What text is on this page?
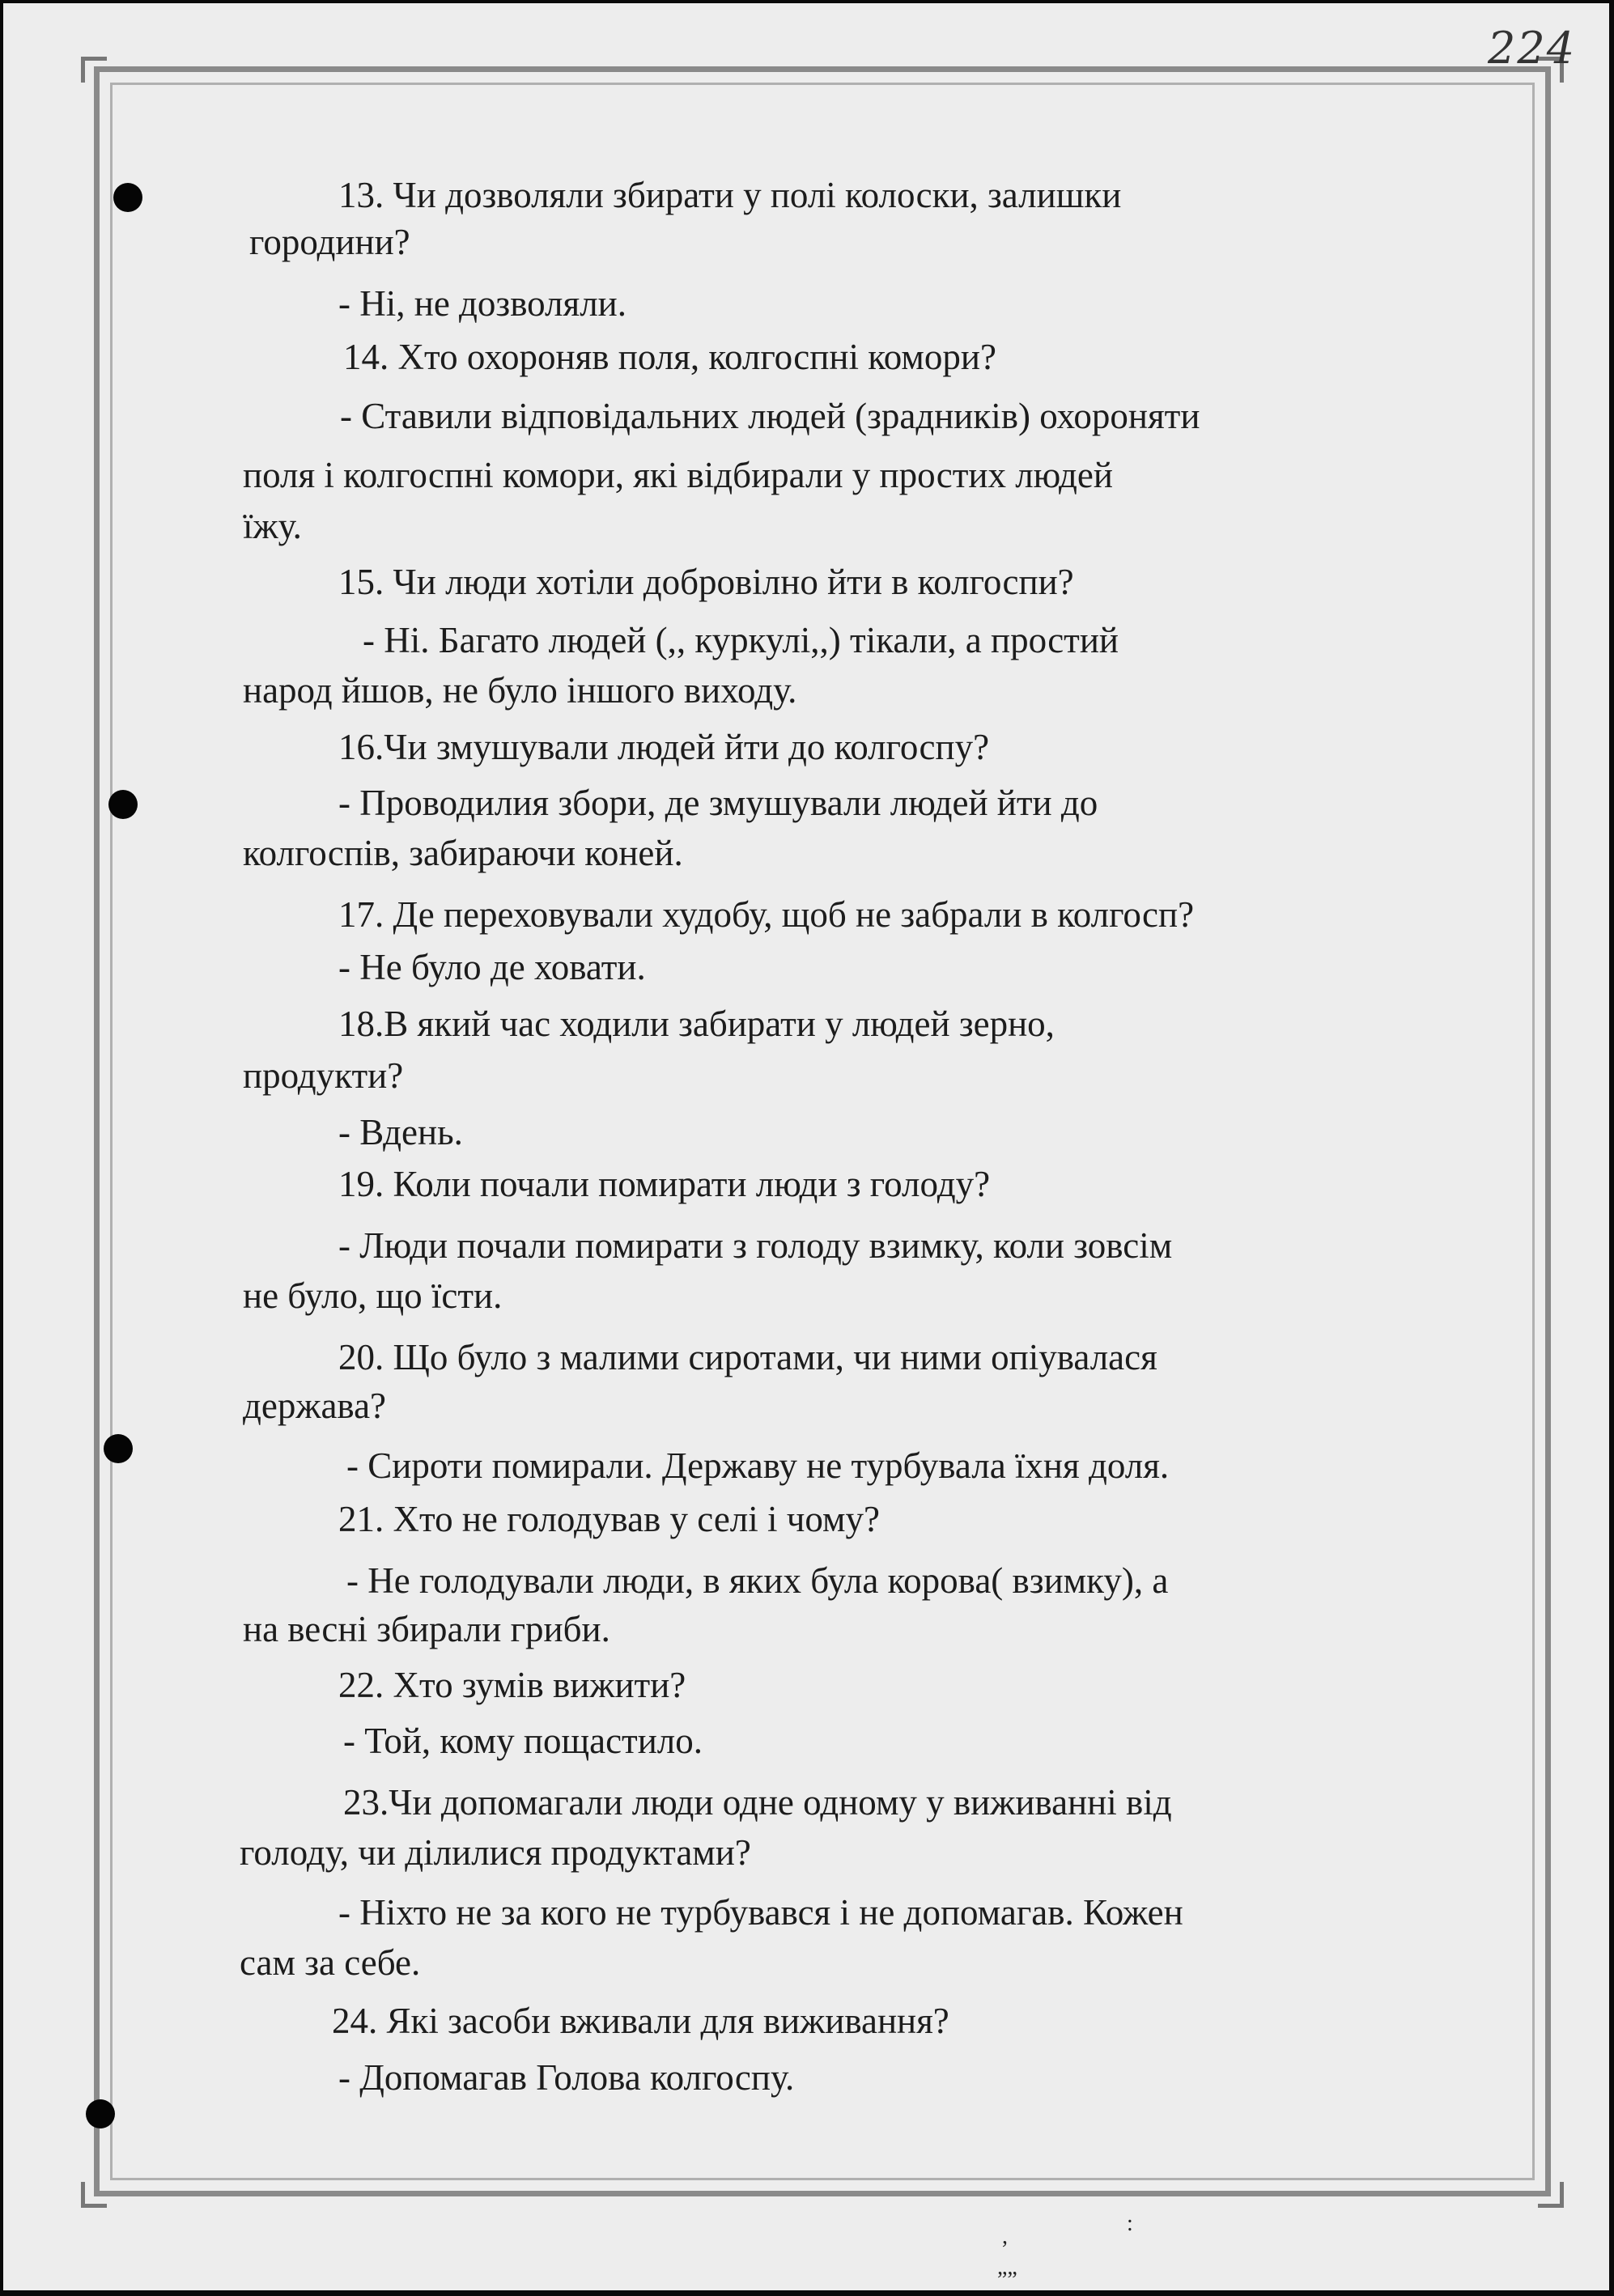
224
13. Чи дозволяли збирати у полі колоски, залишки
городини?
- Ні, не дозволяли.
14. Хто охороняв поля, колгоспні комори?
- Ставили відповідальних людей (зрадників) охороняти
поля і колгоспні комори, які відбирали у простих людей
їжу.
15. Чи люди хотіли добровілно йти в колгоспи?
- Ні. Багато людей (,, куркулі,,) тікали, а простий
народ йшов, не було іншого виходу.
16.Чи змушували людей йти до колгоспу?
- Проводилия збори, де змушували людей йти до
колгоспів, забираючи коней.
17. Де переховували худобу, щоб не забрали в колгосп?
- Не було де ховати.
18.В який час ходили забирати у людей зерно,
продукти?
- Вдень.
19. Коли почали помирати люди з голоду?
- Люди почали помирати з голоду взимку, коли зовсім
не було, що їсти.
20. Що було з малими сиротами, чи ними опіувалася
держава?
- Сироти помирали. Державу не турбувала їхня доля.
21. Хто не голодував у селі і чому?
- Не голодували люди, в яких була корова( взимку), а
на весні збирали гриби.
22. Хто зумів вижити?
- Той, кому пощастило.
23.Чи допомагали люди одне одному у виживанні від
голоду, чи ділилися продуктами?
- Ніхто не за кого не турбувався і не допомагав. Кожен
сам за себе.
24. Які засоби вживали для виживання?
- Допомагав Голова колгоспу.
,
:
„„
